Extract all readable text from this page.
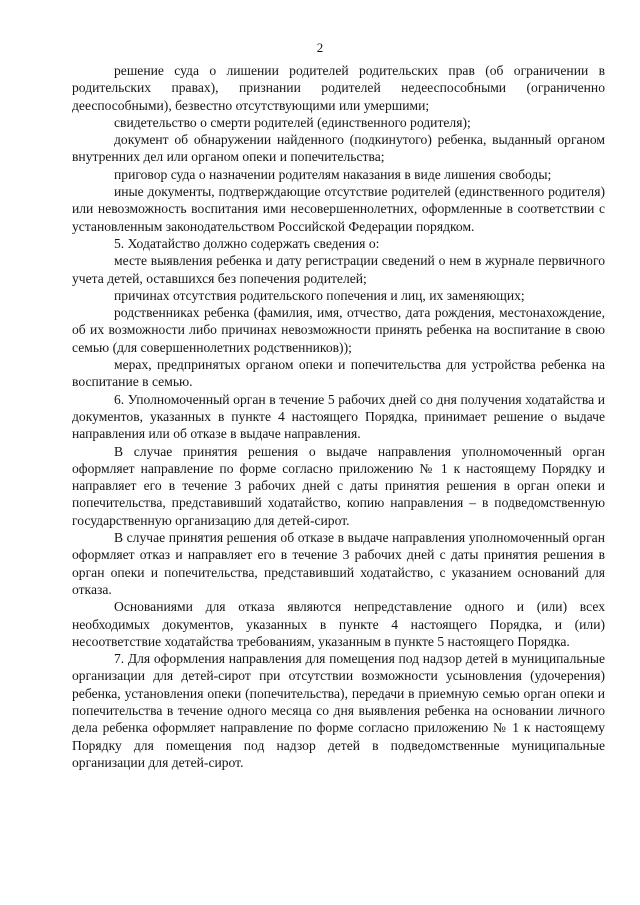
2

решение суда о лишении родителей родительских прав (об ограничении в родительских правах), признании родителей недееспособными (ограниченно дееспособными), безвестно отсутствующими или умершими;

свидетельство о смерти родителей (единственного родителя);

документ об обнаружении найденного (подкинутого) ребенка, выданный органом внутренних дел или органом опеки и попечительства;

приговор суда о назначении родителям наказания в виде лишения свободы;

иные документы, подтверждающие отсутствие родителей (единственного родителя) или невозможность воспитания ими несовершеннолетних, оформленные в соответствии с установленным законодательством Российской Федерации порядком.

5. Ходатайство должно содержать сведения о:

месте выявления ребенка и дату регистрации сведений о нем в журнале первичного учета детей, оставшихся без попечения родителей;

причинах отсутствия родительского попечения и лиц, их заменяющих;

родственниках ребенка (фамилия, имя, отчество, дата рождения, местонахождение, об их возможности либо причинах невозможности принять ребенка на воспитание в свою семью (для совершеннолетних родственников));

мерах, предпринятых органом опеки и попечительства для устройства ребенка на воспитание в семью.

6. Уполномоченный орган в течение 5 рабочих дней со дня получения ходатайства и документов, указанных в пункте 4 настоящего Порядка, принимает решение о выдаче направления или об отказе в выдаче направления.

В случае принятия решения о выдаче направления уполномоченный орган оформляет направление по форме согласно приложению № 1 к настоящему Порядку и направляет его в течение 3 рабочих дней с даты принятия решения в орган опеки и попечительства, представивший ходатайство, копию направления – в подведомственную государственную организацию для детей-сирот.

В случае принятия решения об отказе в выдаче направления уполномоченный орган оформляет отказ и направляет его в течение 3 рабочих дней с даты принятия решения в орган опеки и попечительства, представивший ходатайство, с указанием оснований для отказа.

Основаниями для отказа являются непредставление одного и (или) всех необходимых документов, указанных в пункте 4 настоящего Порядка, и (или) несоответствие ходатайства требованиям, указанным в пункте 5 настоящего Порядка.

7. Для оформления направления для помещения под надзор детей в муниципальные организации для детей-сирот при отсутствии возможности усыновления (удочерения) ребенка, установления опеки (попечительства), передачи в приемную семью орган опеки и попечительства в течение одного месяца со дня выявления ребенка на основании личного дела ребенка оформляет направление по форме согласно приложению № 1 к настоящему Порядку для помещения под надзор детей в подведомственные муниципальные организации для детей-сирот.
